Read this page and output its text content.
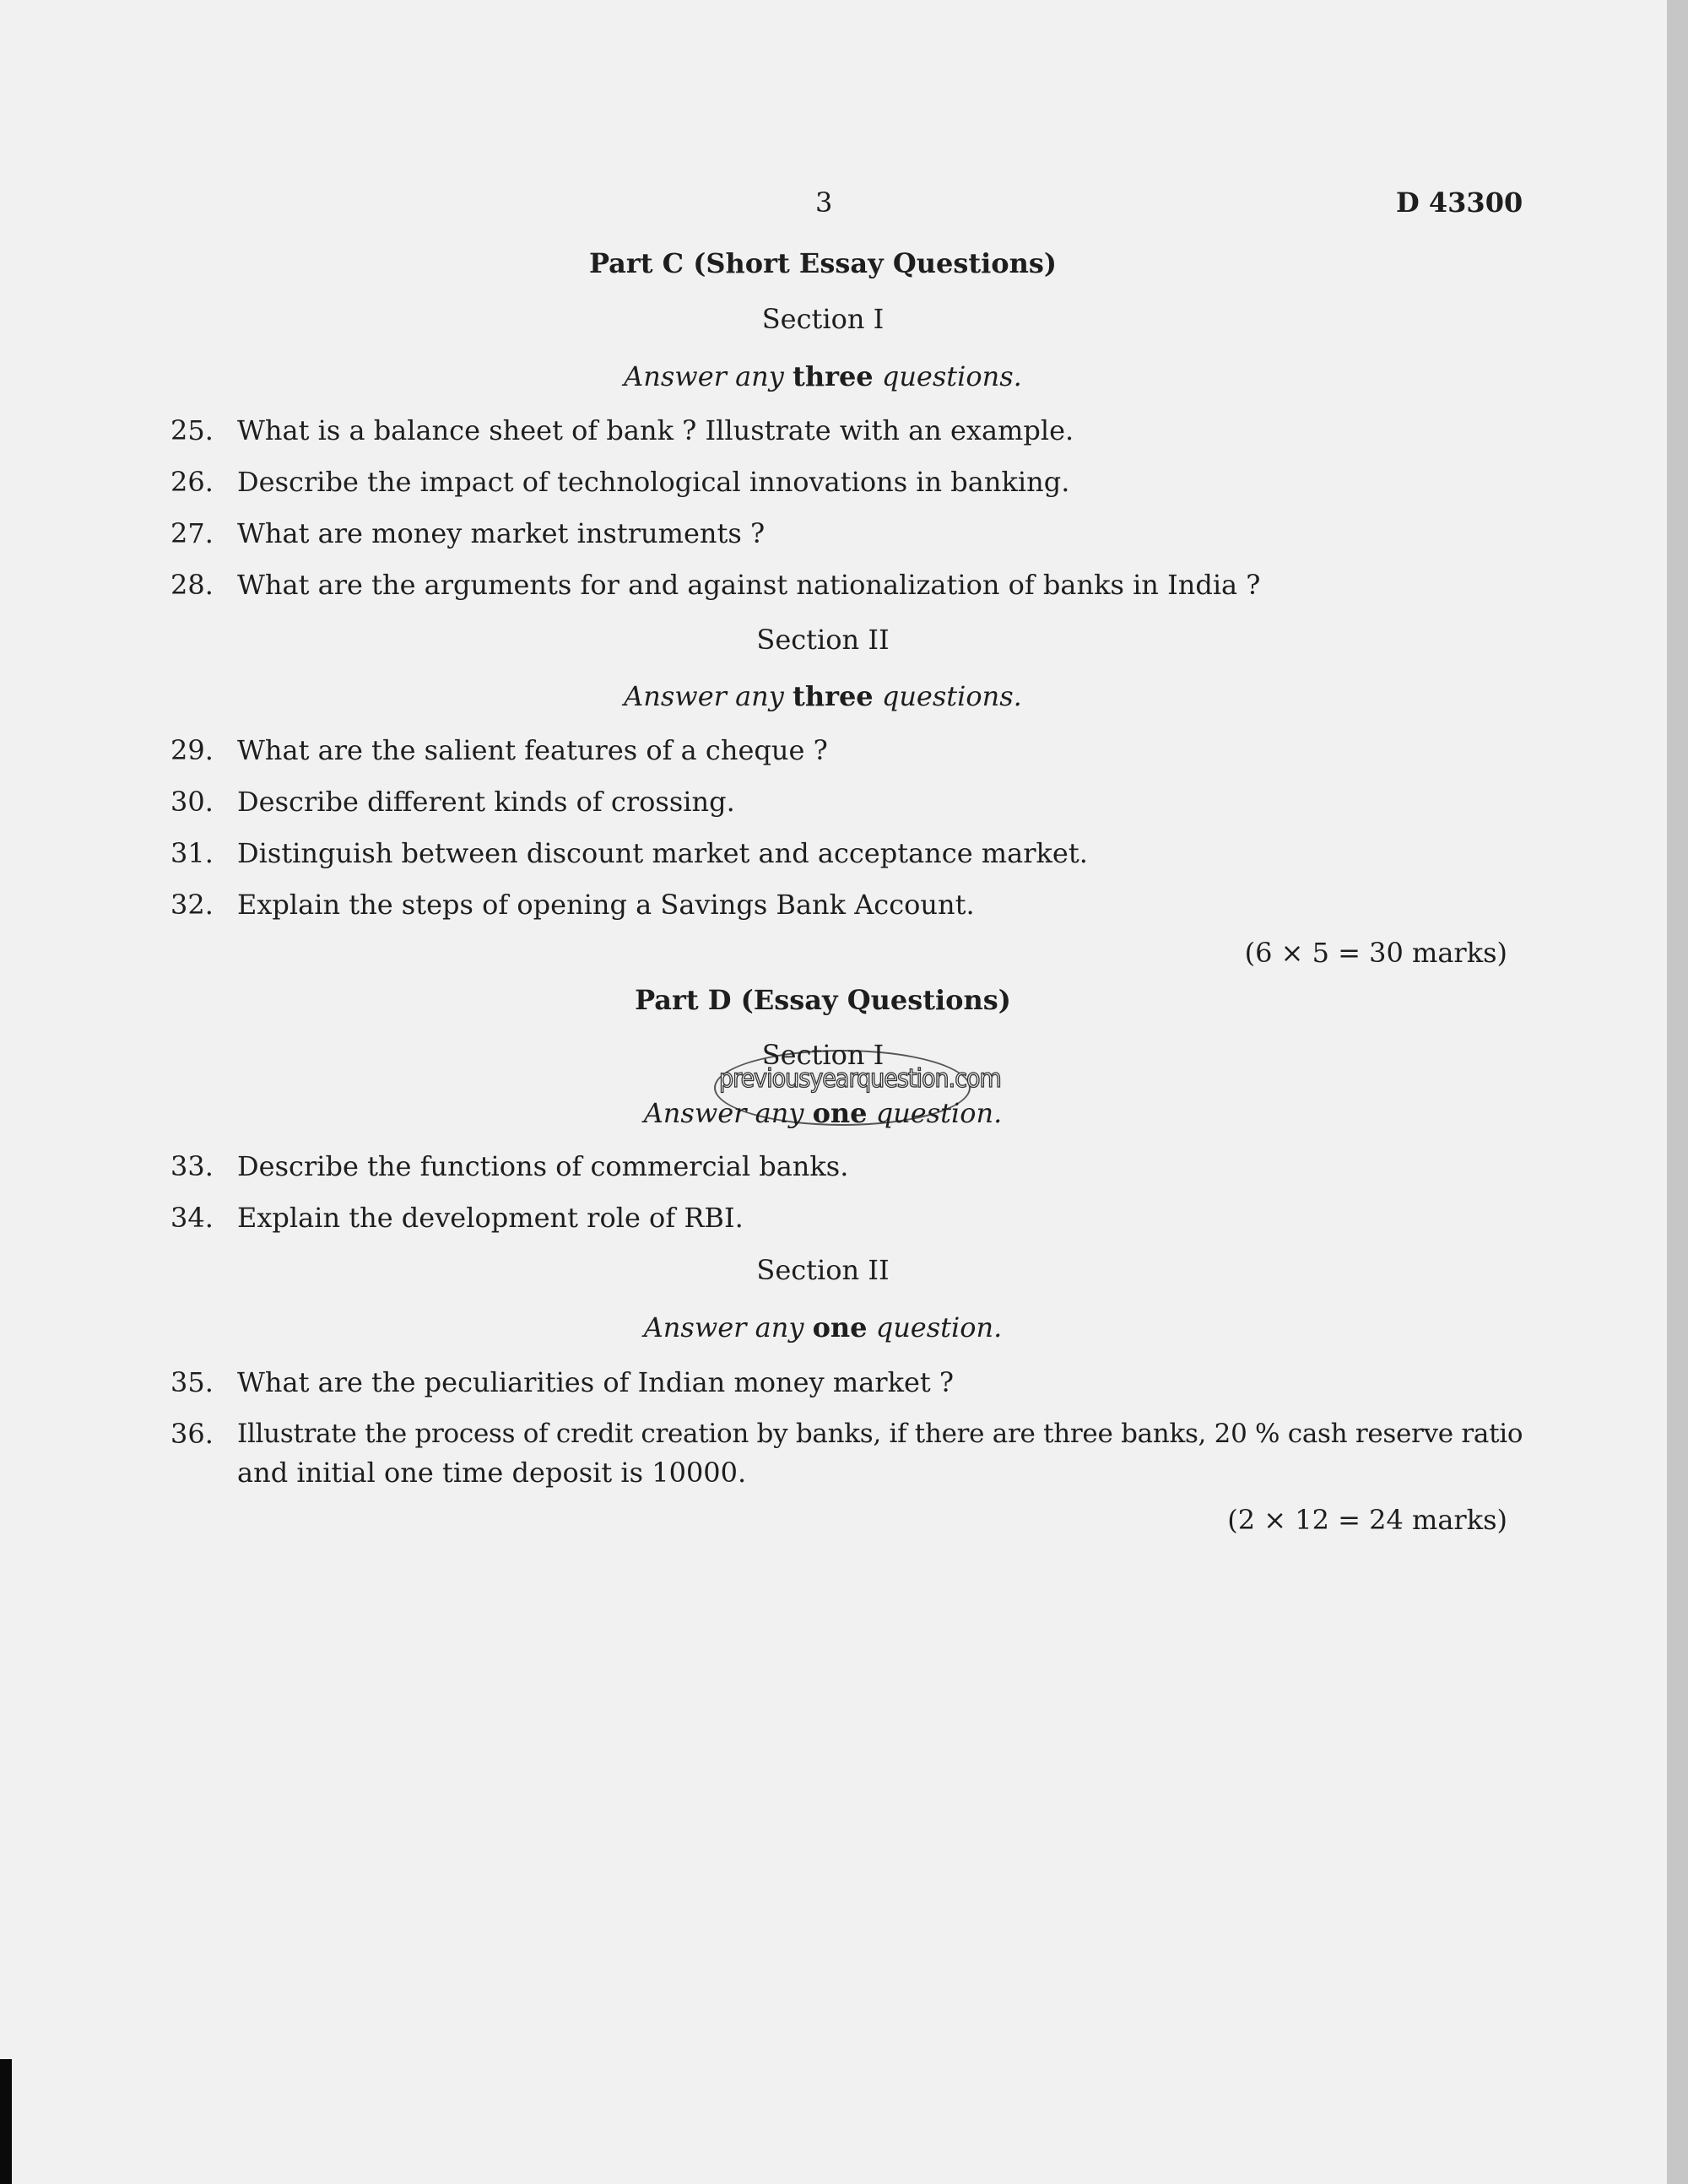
3	D 43300
Part C (Short Essay Questions)
Section I
Answer any three questions.
25. What is a balance sheet of bank ? Illustrate with an example.
26. Describe the impact of technological innovations in banking.
27. What are money market instruments ?
28. What are the arguments for and against nationalization of banks in India ?
Section II
Answer any three questions.
29. What are the salient features of a cheque ?
30. Describe different kinds of crossing.
31. Distinguish between discount market and acceptance market.
32. Explain the steps of opening a Savings Bank Account.
(6 × 5 = 30 marks)
Part D (Essay Questions)
Section I
previousyearquestion.com
Answer any one question.
33. Describe the functions of commercial banks.
34. Explain the development role of RBI.
Section II
Answer any one question.
35. What are the peculiarities of Indian money market ?
36. Illustrate the process of credit creation by banks, if there are three banks, 20 % cash reserve ratio
and initial one time deposit is 10000.
(2 × 12 = 24 marks)
